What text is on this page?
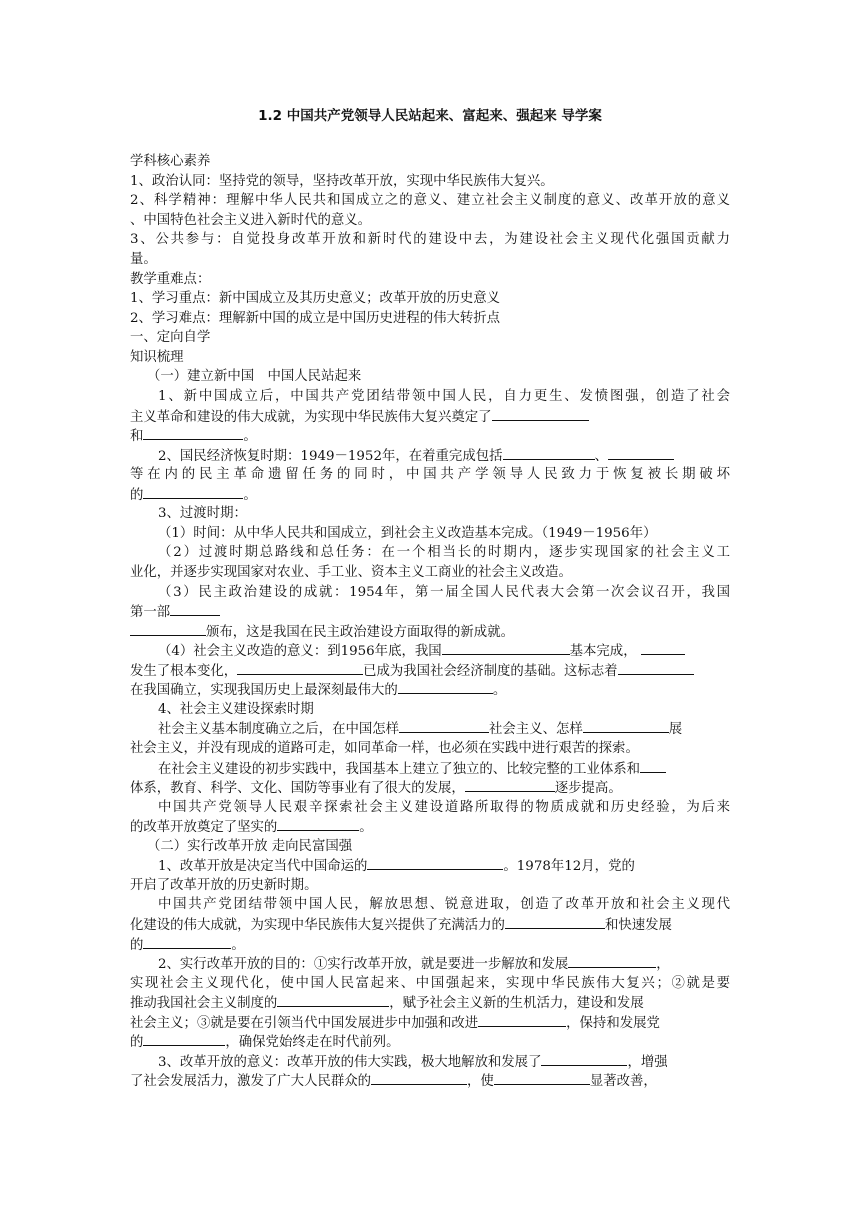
1.2 中国共产党领导人民站起来、富起来、强起来 导学案
学科核心素养
1、政治认同：坚持党的领导，坚持改革开放，实现中华民族伟大复兴。
2、科学精神：理解中华人民共和国成立之的意义、建立社会主义制度的意义、改革开放的意义
、中国特色社会主义进入新时代的意义。
3、公共参与：自觉投身改革开放和新时代的建设中去，为建设社会主义现代化强国贡献力
量。
教学重难点：
1、学习重点：新中国成立及其历史意义；改革开放的历史意义
2、学习难点：理解新中国的成立是中国历史进程的伟大转折点
一、定向自学
知识梳理
（一）建立新中国　中国人民站起来
1、新中国成立后，中国共产党团结带领中国人民，自力更生、发愤图强，创造了社会
主义革命和建设的伟大成就，为实现中华民族伟大复兴奠定了
和	。
2、国民经济恢复时期：1949－1952年，在着重完成包括	、
等在内的民主革命遗留任务的同时，中国共产学领导人民致力于恢复被长期破坏
的	。
3、过渡时期：
（1）时间：从中华人民共和国成立，到社会主义改造基本完成。（1949－1956年）
（2）过渡时期总路线和总任务：在一个相当长的时期内，逐步实现国家的社会主义工
业化，并逐步实现国家对农业、手工业、资本主义工商业的社会主义改造。
（3）民主政治建设的成就：1954年，第一届全国人民代表大会第一次会议召开，我国
第一部
颁布，这是我国在民主政治建设方面取得的新成就。
（4）社会主义改造的意义：到1956年底，我国	基本完成，
发生了根本变化，	已成为我国社会经济制度的基础。这标志着
在我国确立，实现我国历史上最深刻最伟大的	。
4、社会主义建设探索时期
社会主义基本制度确立之后，在中国怎样	社会主义、怎样	展
社会主义，并没有现成的道路可走，如同革命一样，也必须在实践中进行艰苦的探索。
在社会主义建设的初步实践中，我国基本上建立了独立的、比较完整的工业体系和
体系，教育、科学、文化、国防等事业有了很大的发展，	逐步提高。
中国共产党领导人民艰辛探索社会主义建设道路所取得的物质成就和历史经验，为后来
的改革开放奠定了坚实的	。
（二）实行改革开放 走向民富国强
1、改革开放是决定当代中国命运的	。1978年12月，党的
开启了改革开放的历史新时期。
中国共产党团结带领中国人民，解放思想、锐意进取，创造了改革开放和社会主义现代
化建设的伟大成就，为实现中华民族伟大复兴提供了充满活力的	和快速发展
的	。
2、实行改革开放的目的：①实行改革开放，就是要进一步解放和发展	，
实现社会主义现代化，使中国人民富起来、中国强起来，实现中华民族伟大复兴；②就是要
推动我国社会主义制度的	，赋予社会主义新的生机活力，建设和发展
社会主义；③就是要在引领当代中国发展进步中加强和改进	，保持和发展党
的	，确保党始终走在时代前列。
3、改革开放的意义：改革开放的伟大实践，极大地解放和发展了	，增强
了社会发展活力，激发了广大人民群众的	，使	显著改善，
